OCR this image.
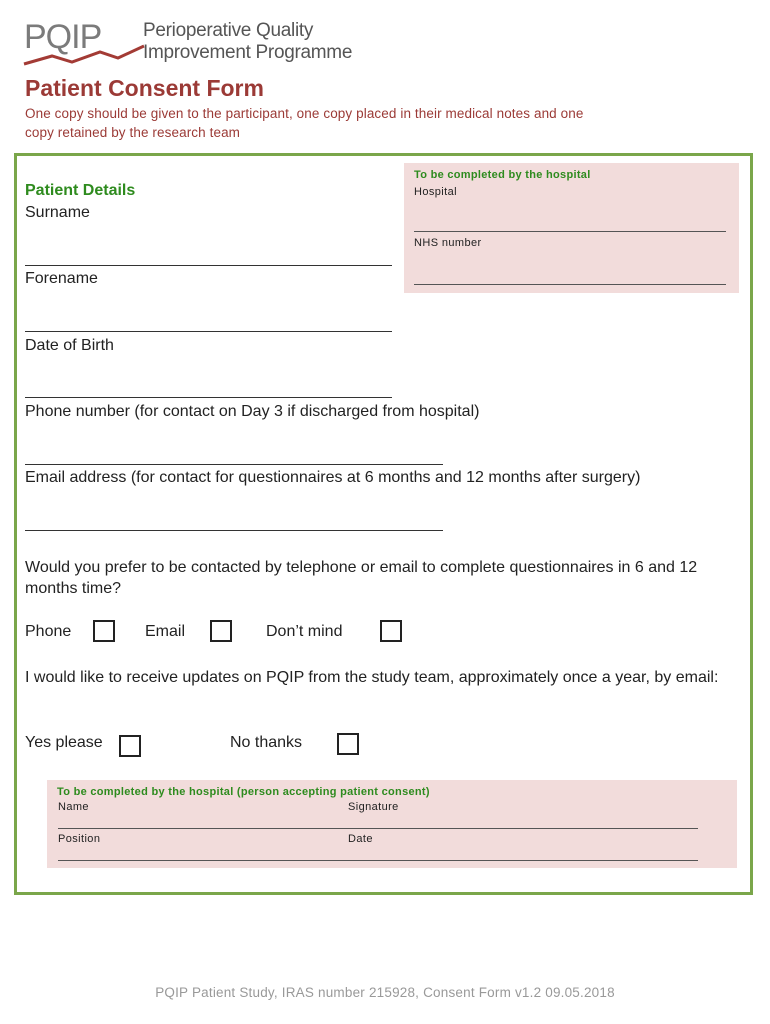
PQIP Perioperative Quality
Improvement Programme
Patient Consent Form
One copy should be given to the participant, one copy placed in their medical notes and one copy retained by the research team
To be completed by the hospital
Hospital
NHS number
Patient Details
Surname
Forename
Date of Birth
Phone number (for contact on Day 3 if discharged from hospital)
Email address (for contact for questionnaires at 6 months and 12 months after surgery)
Would you prefer to be contacted by telephone or email to complete questionnaires in 6 and 12 months time?
Phone	Email	Don’t mind
I would like to receive updates on PQIP from the study team, approximately once a year, by email:
Yes please	No thanks
To be completed by the hospital (person accepting patient consent)
Name	Signature
Position	Date
PQIP Patient Study, IRAS number 215928, Consent Form v1.2 09.05.2018
